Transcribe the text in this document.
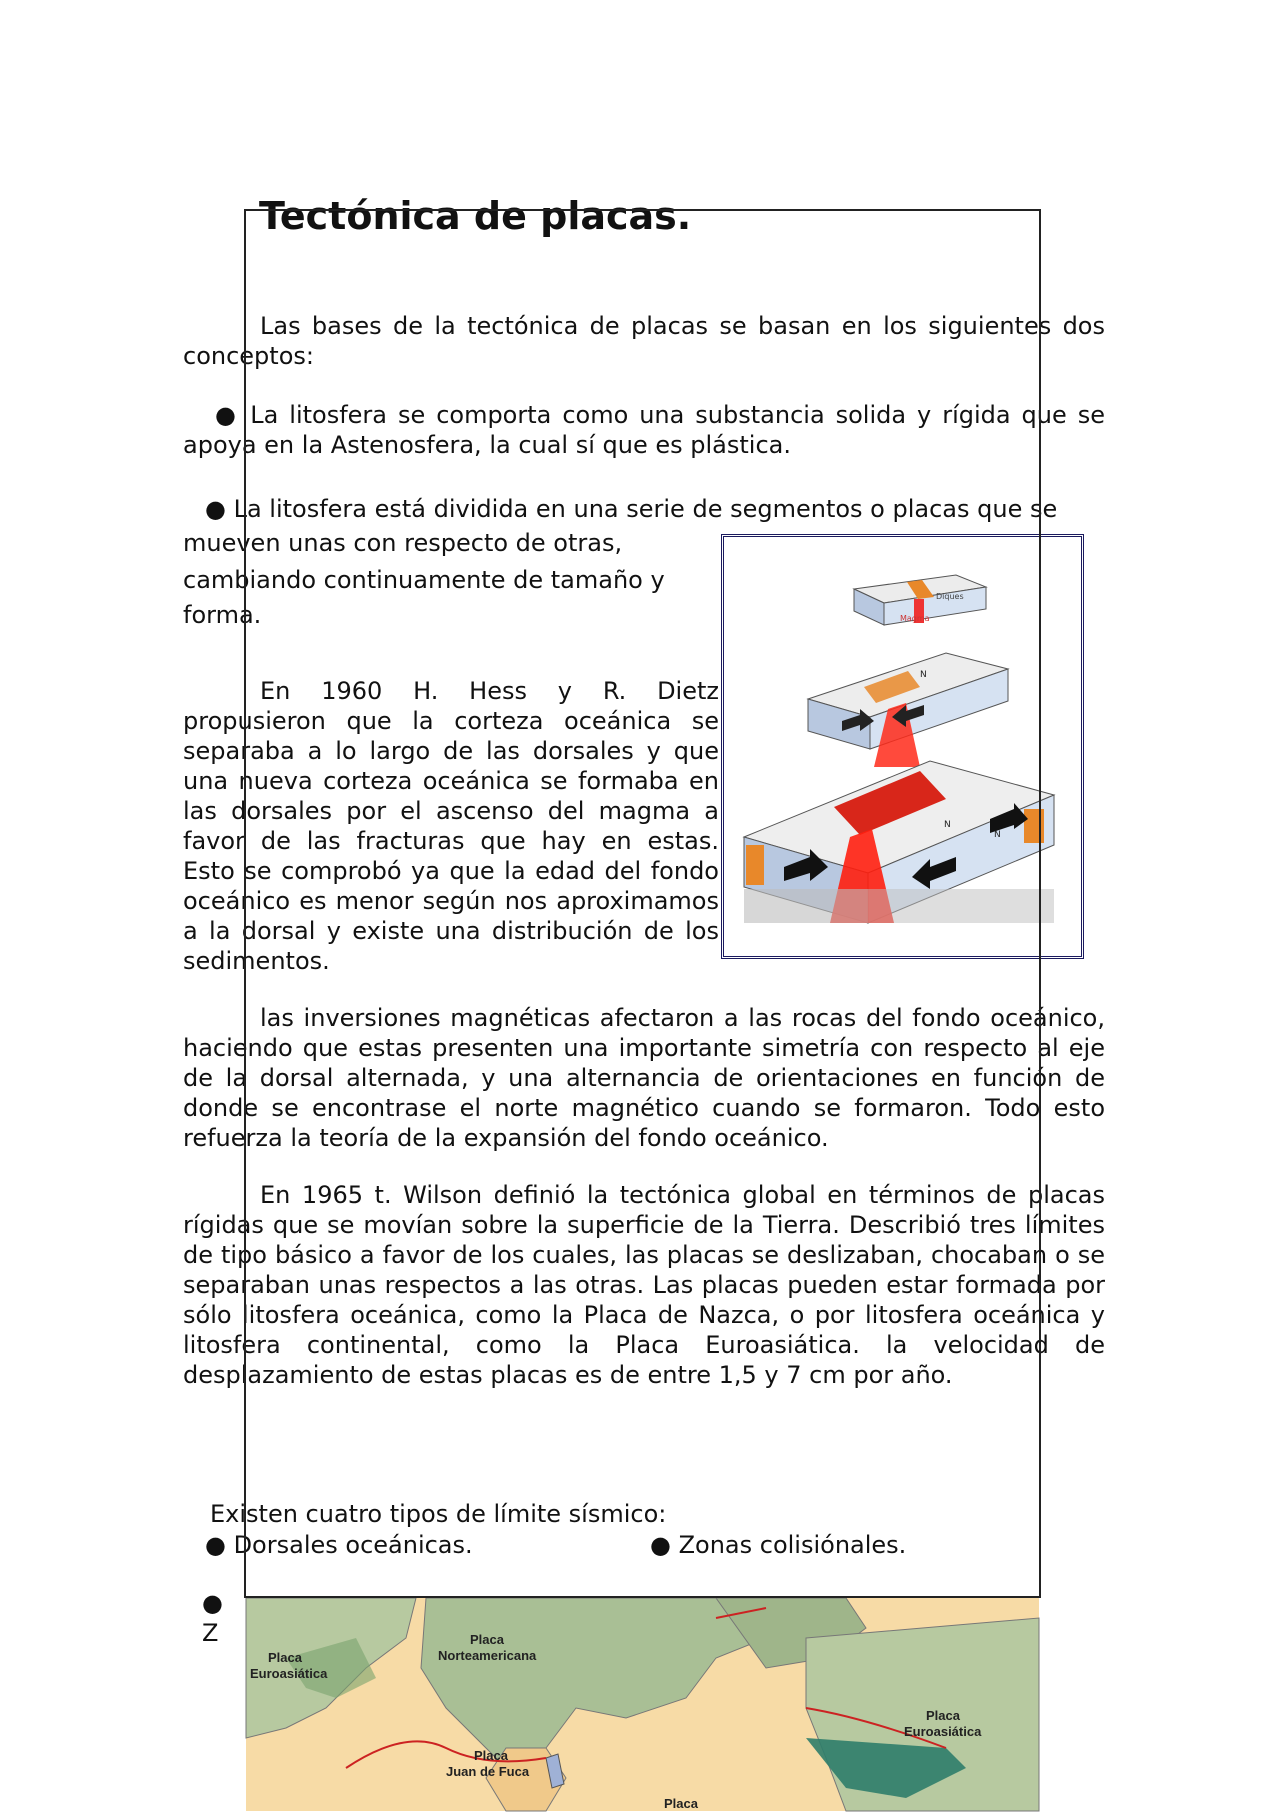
Tectónica de placas.

Las bases de la tectónica de placas se basan en los siguientes dos conceptos:

● La litosfera se comporta como una substancia solida y rígida que se apoya en la Astenosfera, la cual sí que es plástica.

● La litosfera está dividida en una serie de segmentos o placas que se
mueven unas con respecto de otras,
cambiando continuamente de tamaño y
forma.

En 1960 H. Hess y R. Dietz propusieron que la corteza oceánica se separaba a lo largo de las dorsales y que una nueva corteza oceánica se formaba en las dorsales por el ascenso del magma a favor de las fracturas que hay en estas. Esto se comprobó ya que la edad del fondo oceánico es menor según nos aproximamos a la dorsal y existe una distribución de los sedimentos.

las inversiones magnéticas afectaron a las rocas del fondo oceánico, haciendo que estas presenten una importante simetría con respecto al eje de la dorsal alternada, y una alternancia de orientaciones en función de donde se encontrase el norte magnético cuando se formaron. Todo esto refuerza la teoría de la expansión del fondo oceánico.

En 1965 t. Wilson definió la tectónica global en términos de placas rígidas que se movían sobre la superficie de la Tierra. Describió tres límites de tipo básico a favor de los cuales, las placas se deslizaban, chocaban o se separaban unas respectos a las otras. Las placas pueden estar formada por sólo litosfera oceánica, como la Placa de Nazca, o por litosfera oceánica y litosfera continental, como la Placa Euroasiática. la velocidad de desplazamiento de estas placas es de entre 1,5 y 7 cm por año.

Existen cuatro tipos de límite sísmico:
● Dorsales oceánicas.	● Zonas colisiónales.
● Z
Diques
Magma
N
N
N
Placa
Euroasiática
Placa
Norteamericana
Placa
Juan de Fuca
Placa
Euroasiática
Placa
